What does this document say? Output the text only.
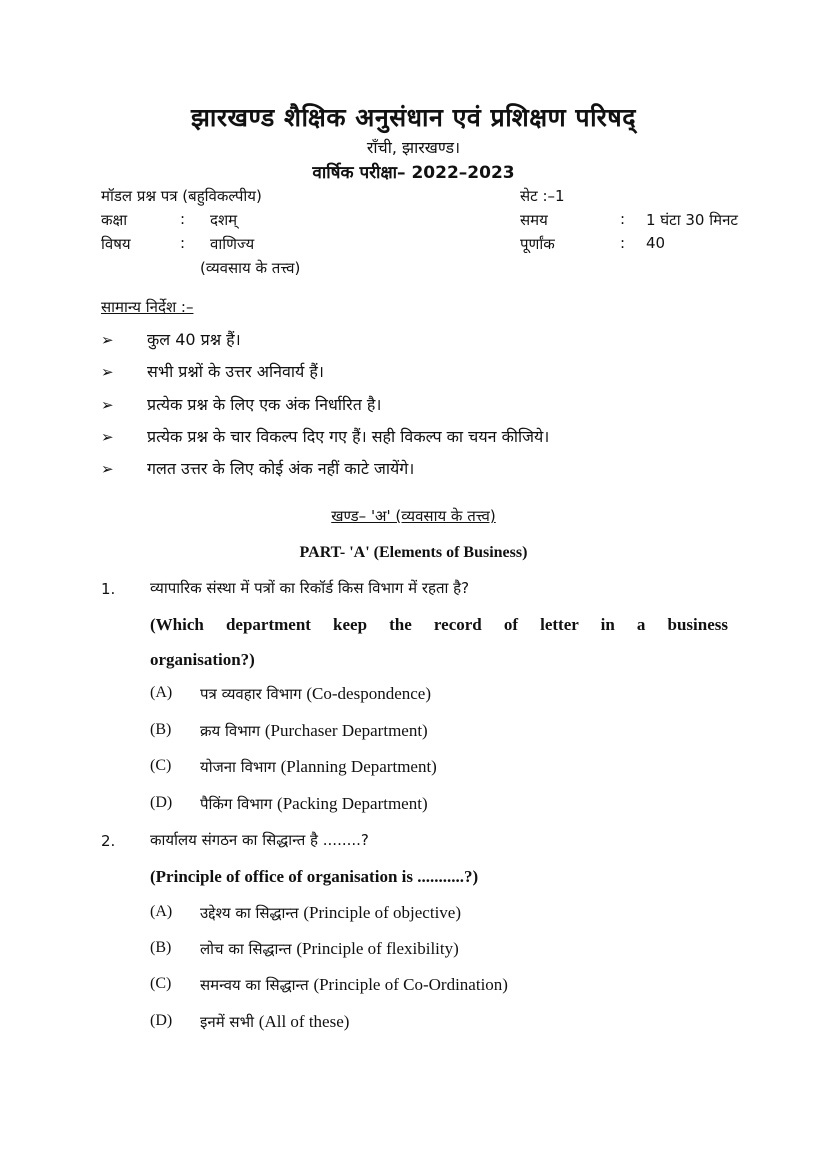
झारखण्ड शैक्षिक अनुसंधान एवं प्रशिक्षण परिषद्
राँची, झारखण्ड।
वार्षिक परीक्षा– 2022–2023
मॉडल प्रश्न पत्र (बहुविकल्पीय)	सेट :–1
कक्षा	: दशम्	समय	: 1 घंटा 30 मिनट
विषय	: वाणिज्य	पूर्णांक	: 40
(व्यवसाय के तत्त्व)
सामान्य निर्देश :–
➢ कुल 40 प्रश्न हैं।
➢ सभी प्रश्नों के उत्तर अनिवार्य हैं।
➢ प्रत्येक प्रश्न के लिए एक अंक निर्धारित है।
➢ प्रत्येक प्रश्न के चार विकल्प दिए गए हैं। सही विकल्प का चयन कीजिये।
➢ गलत उत्तर के लिए कोई अंक नहीं काटे जायेंगे।
खण्ड– 'अ' (व्यवसाय के तत्त्व)
PART- 'A' (Elements of Business)
1. व्यापारिक संस्था में पत्रों का रिकॉर्ड किस विभाग में रहता है?
(Which department keep the record of letter in a business
organisation?)
(A) पत्र व्यवहार विभाग (Co-despondence)
(B) क्रय विभाग (Purchaser Department)
(C) योजना विभाग (Planning Department)
(D) पैकिंग विभाग (Packing Department)
2. कार्यालय संगठन का सिद्धान्त है ........?
(Principle of office of organisation is ...........?)
(A) उद्देश्य का सिद्धान्त (Principle of objective)
(B) लोच का सिद्धान्त (Principle of flexibility)
(C) समन्वय का सिद्धान्त (Principle of Co-Ordination)
(D) इनमें सभी (All of these)
